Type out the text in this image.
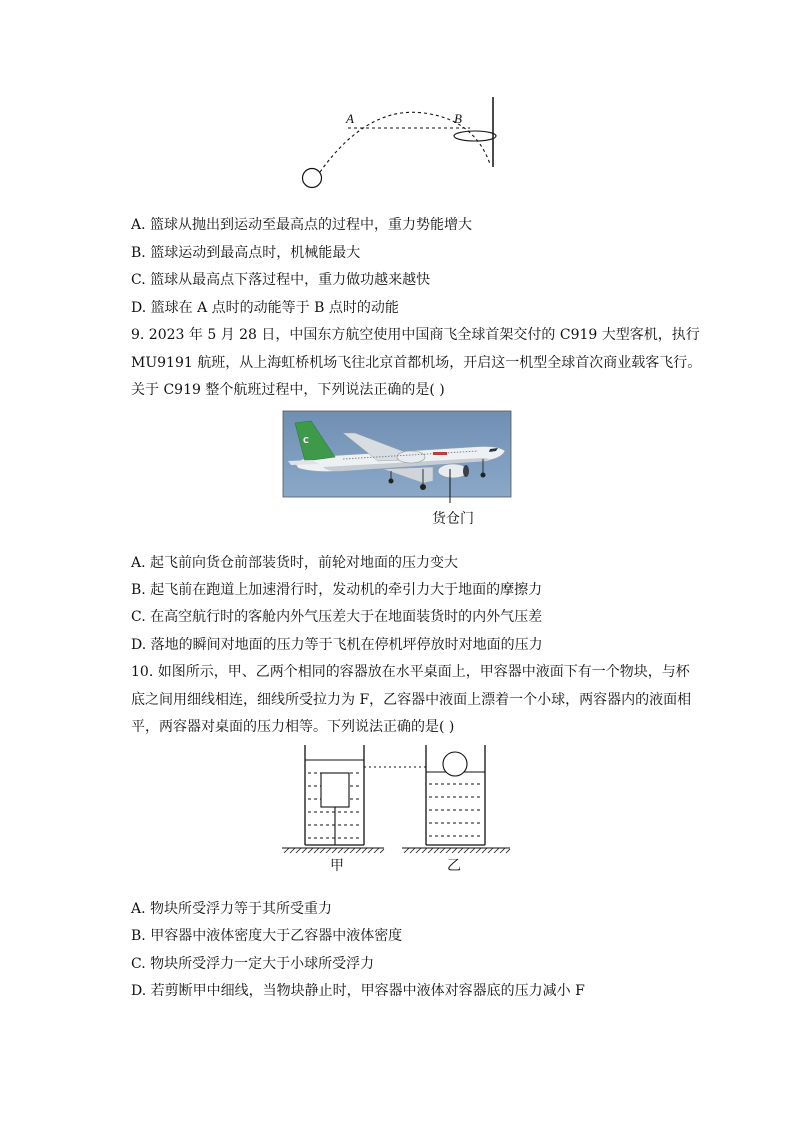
A	B
A. 篮球从抛出到运动至最高点的过程中，重力势能增大
B. 篮球运动到最高点时，机械能最大
C. 篮球从最高点下落过程中，重力做功越来越快
D. 篮球在 A 点时的动能等于 B 点时的动能
9. 2023 年 5 月 28 日，中国东方航空使用中国商飞全球首架交付的 C919 大型客机，执行
MU9191 航班，从上海虹桥机场飞往北京首都机场，开启这一机型全球首次商业载客飞行。
关于 C919 整个航班过程中，下列说法正确的是( )
C
货仓门
A. 起飞前向货仓前部装货时，前轮对地面的压力变大
B. 起飞前在跑道上加速滑行时，发动机的牵引力大于地面的摩擦力
C. 在高空航行时的客舱内外气压差大于在地面装货时的内外气压差
D. 落地的瞬间对地面的压力等于飞机在停机坪停放时对地面的压力
10. 如图所示，甲、乙两个相同的容器放在水平桌面上，甲容器中液面下有一个物块，与杯
底之间用细线相连，细线所受拉力为 F，乙容器中液面上漂着一个小球，两容器内的液面相
平，两容器对桌面的压力相等。下列说法正确的是( )
甲	乙
A. 物块所受浮力等于其所受重力
B. 甲容器中液体密度大于乙容器中液体密度
C. 物块所受浮力一定大于小球所受浮力
D. 若剪断甲中细线，当物块静止时，甲容器中液体对容器底的压力减小 F
